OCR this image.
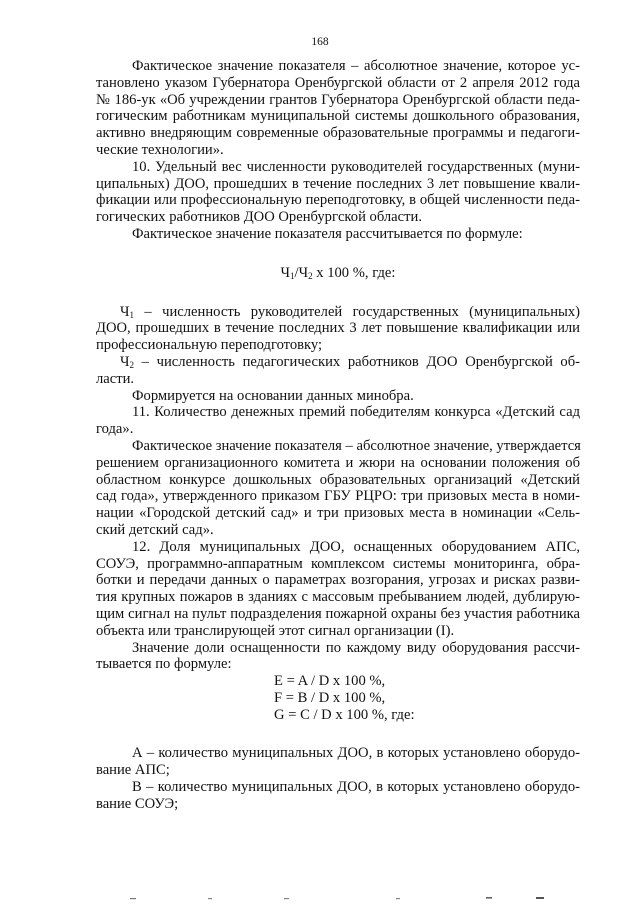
168
Фактическое значение показателя – абсолютное значение, которое ус-
тановлено указом Губернатора Оренбургской области от 2 апреля 2012 года
№ 186-ук «Об учреждении грантов Губернатора Оренбургской области педа-
гогическим работникам муниципальной системы дошкольного образования,
активно внедряющим современные образовательные программы и педагоги-
ческие технологии».
10. Удельный вес численности руководителей государственных (муни-
ципальных) ДОО, прошедших в течение последних 3 лет повышение квали-
фикации или профессиональную переподготовку, в общей численности педа-
гогических работников ДОО Оренбургской области.
Фактическое значение показателя рассчитывается по формуле:
$Ч_1/Ч_2$ х 100 %, где:
$Ч_1$ – численность руководителей государственных (муниципальных)
ДОО, прошедших в течение последних 3 лет повышение квалификации или
профессиональную переподготовку;
$Ч_2$ – численность педагогических работников ДОО Оренбургской об-
ласти.
Формируется на основании данных минобра.
11. Количество денежных премий победителям конкурса «Детский сад
года».
Фактическое значение показателя – абсолютное значение, утверждается
решением организационного комитета и жюри на основании положения об
областном конкурсе дошкольных образовательных организаций «Детский
сад года», утвержденного приказом ГБУ РЦРО: три призовых места в номи-
нации «Городской детский сад» и три призовых места в номинации «Сель-
ский детский сад».
12. Доля муниципальных ДОО, оснащенных оборудованием АПС,
СОУЭ, программно-аппаратным комплексом системы мониторинга, обра-
ботки и передачи данных о параметрах возгорания, угрозах и рисках разви-
тия крупных пожаров в зданиях с массовым пребыванием людей, дублирую-
щим сигнал на пульт подразделения пожарной охраны без участия работника
объекта или транслирующей этот сигнал организации (I).
Значение доли оснащенности по каждому виду оборудования рассчи-
тывается по формуле:
E = A / D х 100 %,
F = B / D х 100 %,
G = C / D х 100 %, где:
А – количество муниципальных ДОО, в которых установлено оборудо-
вание АПС;
В – количество муниципальных ДОО, в которых установлено оборудо-
вание СОУЭ;
